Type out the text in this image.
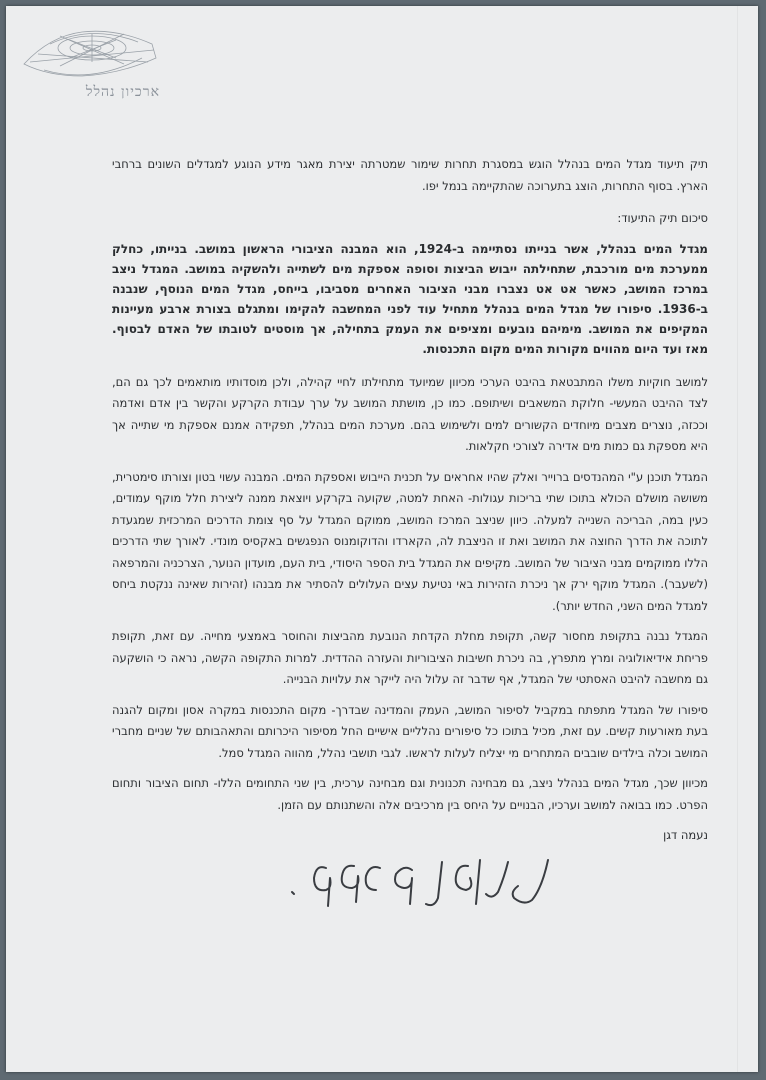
ארכיון נהלל

תיק תיעוד מגדל המים בנהלל הוגש במסגרת תחרות שימור שמטרתה יצירת מאגר מידע הנוגע למגדלים השונים ברחבי הארץ. בסוף התחרות, הוצג בתערוכה שהתקיימה בנמל יפו.

סיכום תיק התיעוד:

מגדל המים בנהלל, אשר בנייתו נסתיימה ב-1924, הוא המבנה הציבורי הראשון במושב. בנייתו, כחלק ממערכת מים מורכבת, שתחילתה ייבוש הביצות וסופה אספקת מים לשתייה ולהשקיה במושב. המגדל ניצב במרכז המושב, כאשר אט אט נצברו מבני הציבור האחרים מסביבו, בייחס, מגדל המים הנוסף, שנבנה ב-1936. סיפורו של מגדל המים בנהלל מתחיל עוד לפני המחשבה להקימו ומתגלם בצורת ארבע מעיינות המקיפים את המושב. מימיהם נובעים ומציפים את העמק בתחילה, אך מוסטים לטובתו של האדם לבסוף. מאז ועד היום מהווים מקורות המים מקום התכנסות.

למושב חוקיות משלו המתבטאת בהיבט הערכי מכיוון שמיועד מתחילתו לחיי קהילה, ולכן מוסדותיו מותאמים לכך גם הם, לצד ההיבט המעשי- חלוקת המשאבים ושיתופם. כמו כן, מושתת המושב על ערך עבודת הקרקע והקשר בין אדם ואדמה וככזה, נוצרים מצבים מיוחדים הקשורים למים ולשימוש בהם. מערכת המים בנהלל, תפקידה אמנם אספקת מי שתייה אך היא מספקת גם כמות מים אדירה לצורכי חקלאות.

המגדל תוכנן ע"י המהנדסים ברוייר ואלק שהיו אחראים על תכנית הייבוש ואספקת המים. המבנה עשוי בטון וצורתו סימטרית, משושה מושלם הכולא בתוכו שתי בריכות עגולות- האחת למטה, שקועה בקרקע ויוצאת ממנה ליצירת חלל מוקף עמודים, כעין במה, הבריכה השנייה למעלה. כיוון שניצב המרכז המושב, ממוקם המגדל על סף צומת הדרכים המרכזית שמגעדת לתוכה את הדרך החוצה את המושב ואת זו הניצבת לה, הקארדו והדוקומנוס הנפגשים באקסיס מונדי. לאורך שתי הדרכים הללו ממוקמים מבני הציבור של המושב. מקיפים את המגדל בית הספר היסודי, בית העם, מועדון הנוער, הצרכניה והמרפאה (לשעבר). המגדל מוקף ירק אך ניכרת הזהירות באי נטיעת עצים העלולים להסתיר את מבנהו (זהירות שאינה ננקטת ביחס למגדל המים השני, החדש יותר).

המגדל נבנה בתקופת מחסור קשה, תקופת מחלת הקדחת הנובעת מהביצות והחוסר באמצעי מחייה. עם זאת, תקופת פריחת אידיאולוגיה ומרץ מתפרץ, בה ניכרת חשיבות הציבוריות והעזרה ההדדית. למרות התקופה הקשה, נראה כי הושקעה גם מחשבה להיבט האסתטי של המגדל, אף שדבר זה עלול היה לייקר את עלויות הבנייה.

סיפורו של המגדל מתפתח במקביל לסיפור המושב, העמק והמדינה שבדרך- מקום התכנסות במקרה אסון ומקום להגנה בעת מאורעות קשים. עם זאת, מכיל בתוכו כל סיפורים נהלליים אישיים החל מסיפור היכרותם והתאהבותם של שניים מחברי המושב וכלה בילדים שובבים המתחרים מי יצליח לעלות לראשו. לגבי תושבי נהלל, מהווה המגדל סמל.

מכיוון שכך, מגדל המים בנהלל ניצב, גם מבחינה תכנונית וגם מבחינה ערכית, בין שני התחומים הללו- תחום הציבור ותחום הפרט. כמו בבואה למושב וערכיו, הבנויים על היחס בין מרכיבים אלה והשתנותם עם הזמן.

נעמה דגן
